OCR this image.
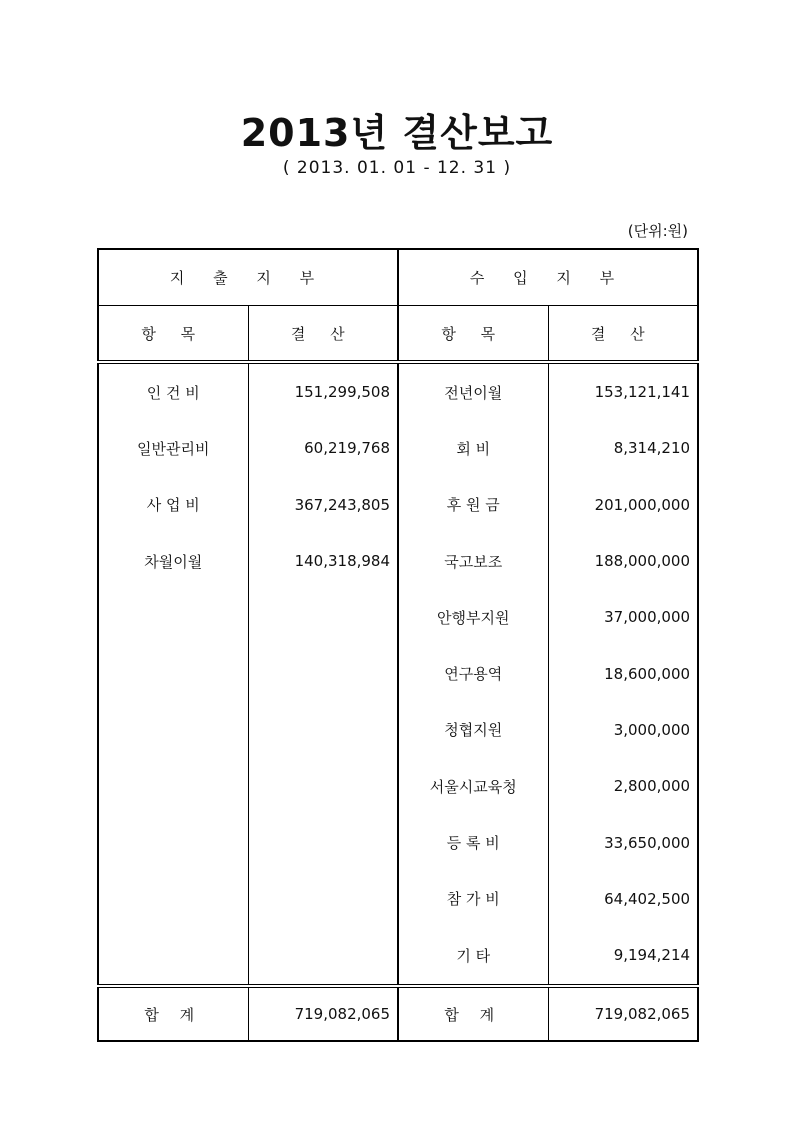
2013년 결산보고
( 2013. 01. 01 - 12. 31 )
(단위:원)
지 출 지 부		수 입 지 부	
항 목	결 산	항 목	결 산
인 건 비	151,299,508	전년이월	153,121,141
일반관리비	60,219,768	회 비	8,314,210
사 업 비	367,243,805	후 원 금	201,000,000
차월이월	140,318,984	국고보조	188,000,000
		안행부지원	37,000,000
		연구용역	18,600,000
		청협지원	3,000,000
		서울시교육청	2,800,000
		등 록 비	33,650,000
		참 가 비	64,402,500
		기 타	9,194,214

합 계	719,082,065	합 계	719,082,065
